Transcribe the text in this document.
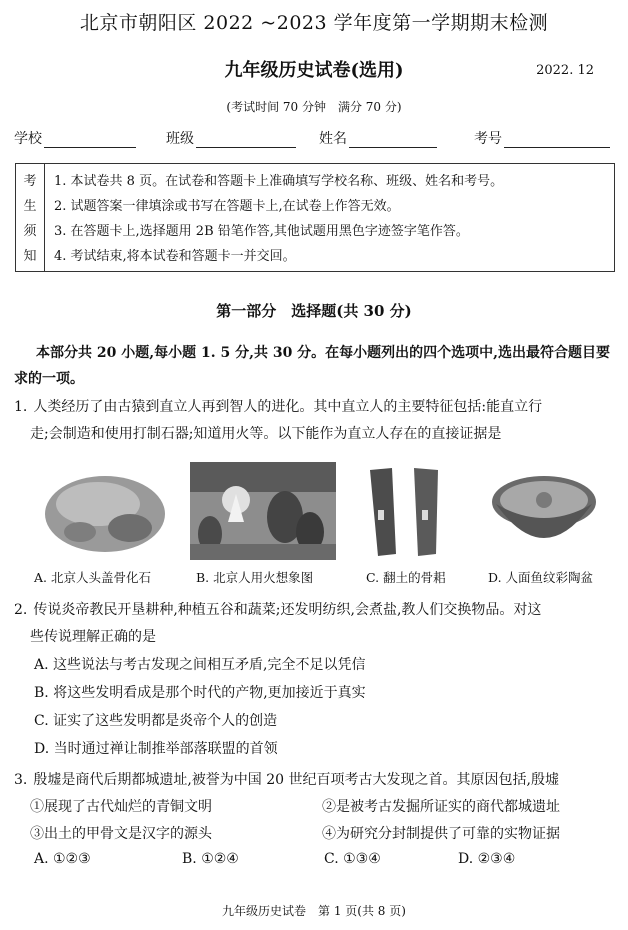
北京市朝阳区 2022 ~2023 学年度第一学期期末检测
九年级历史试卷(选用)	2022. 12
(考试时间 70 分钟　满分 70 分)
学校	班级	姓名	考号
考
生
须
知
1. 本试卷共 8 页。在试卷和答题卡上准确填写学校名称、班级、姓名和考号。
2. 试题答案一律填涂或书写在答题卡上,在试卷上作答无效。
3. 在答题卡上,选择题用 2B 铅笔作答,其他试题用黑色字迹签字笔作答。
4. 考试结束,将本试卷和答题卡一并交回。
第一部分　选择题(共 30 分)
本部分共 20 小题,每小题 1. 5 分,共 30 分。在每小题列出的四个选项中,选出最符合题目要求的一项。
1. 人类经历了由古猿到直立人再到智人的进化。其中直立人的主要特征包括:能直立行
走;会制造和使用打制石器;知道用火等。以下能作为直立人存在的直接证据是
A. 北京人头盖骨化石	B. 北京人用火想象图	C. 翻土的骨耜	D. 人面鱼纹彩陶盆
2. 传说炎帝教民开垦耕种,种植五谷和蔬菜;还发明纺织,会煮盐,教人们交换物品。对这
些传说理解正确的是
A. 这些说法与考古发现之间相互矛盾,完全不足以凭信
B. 将这些发明看成是那个时代的产物,更加接近于真实
C. 证实了这些发明都是炎帝个人的创造
D. 当时通过禅让制推举部落联盟的首领
3. 殷墟是商代后期都城遗址,被誉为中国 20 世纪百项考古大发现之首。其原因包括,殷墟
①展现了古代灿烂的青铜文明	②是被考古发掘所证实的商代都城遗址
③出土的甲骨文是汉字的源头	④为研究分封制提供了可靠的实物证据
A. ①②③	B. ①②④	C. ①③④	D. ②③④
九年级历史试卷　第 1 页(共 8 页)
